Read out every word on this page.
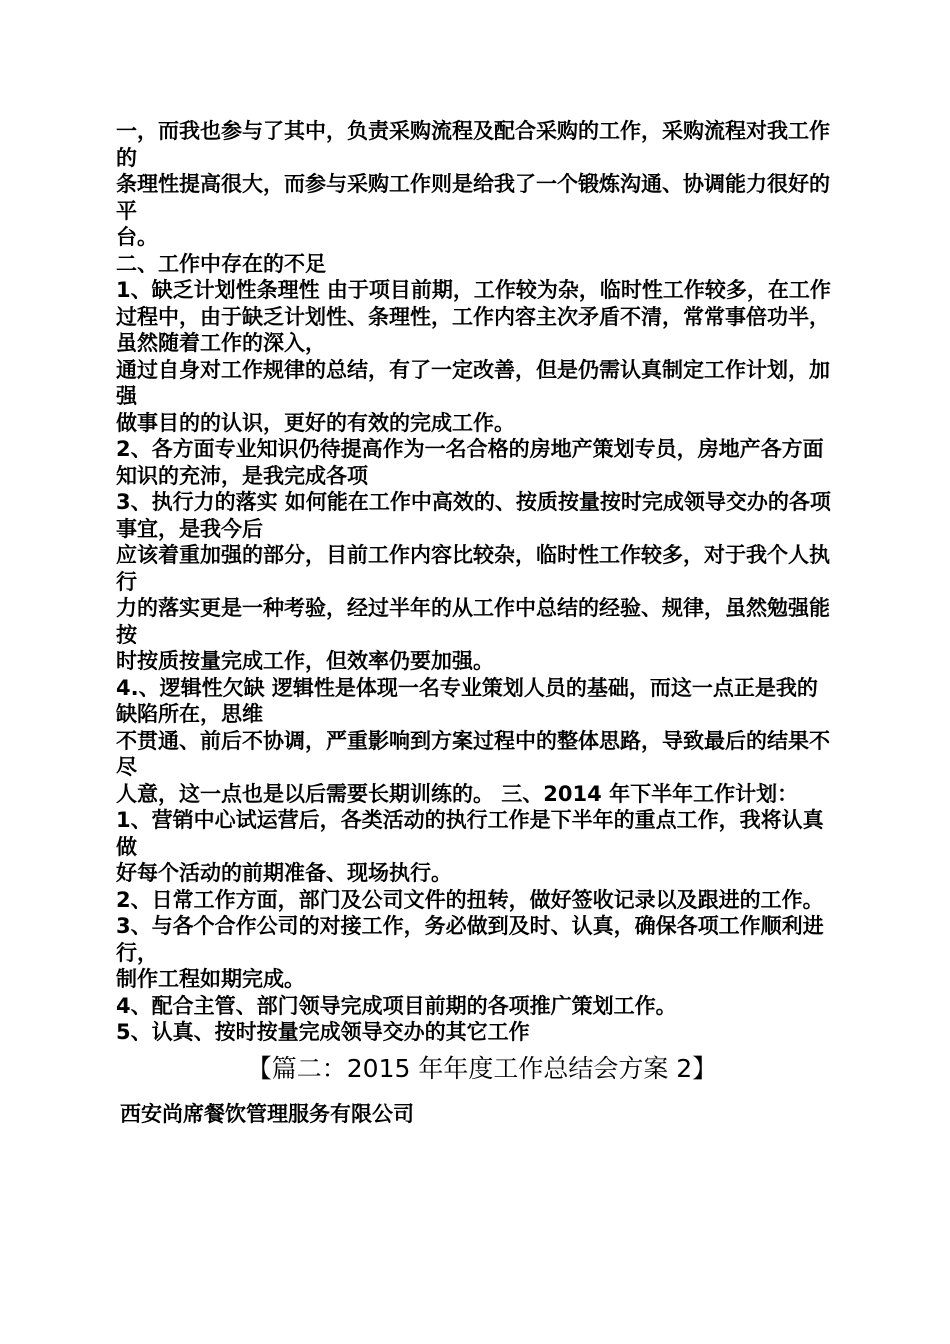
一，而我也参与了其中，负责采购流程及配合采购的工作，采购流程对我工作的

条理性提高很大，而参与采购工作则是给我了一个锻炼沟通、协调能力很好的平

台。

二、工作中存在的不足

1、缺乏计划性条理性 由于项目前期，工作较为杂，临时性工作较多，在工作过程中，由于缺乏计划性、条理性，工作内容主次矛盾不清，常常事倍功半，虽然随着工作的深入，

通过自身对工作规律的总结，有了一定改善，但是仍需认真制定工作计划，加强

做事目的的认识，更好的有效的完成工作。

2、各方面专业知识仍待提高作为一名合格的房地产策划专员，房地产各方面知识的充沛，是我完成各项

3、执行力的落实 如何能在工作中高效的、按质按量按时完成领导交办的各项事宜，是我今后

应该着重加强的部分，目前工作内容比较杂，临时性工作较多，对于我个人执行

力的落实更是一种考验，经过半年的从工作中总结的经验、规律，虽然勉强能按

时按质按量完成工作，但效率仍要加强。

4.、逻辑性欠缺 逻辑性是体现一名专业策划人员的基础，而这一点正是我的缺陷所在，思维

不贯通、前后不协调，严重影响到方案过程中的整体思路，导致最后的结果不尽

人意，这一点也是以后需要长期训练的。 三、2014 年下半年工作计划：

1、营销中心试运营后，各类活动的执行工作是下半年的重点工作，我将认真做

好每个活动的前期准备、现场执行。

2、日常工作方面，部门及公司文件的扭转，做好签收记录以及跟进的工作。

3、与各个合作公司的对接工作，务必做到及时、认真，确保各项工作顺利进行，

制作工程如期完成。

4、配合主管、部门领导完成项目前期的各项推广策划工作。

5、认真、按时按量完成领导交办的其它工作

【篇二：2015 年年度工作总结会方案 2】
西安尚席餐饮管理服务有限公司
